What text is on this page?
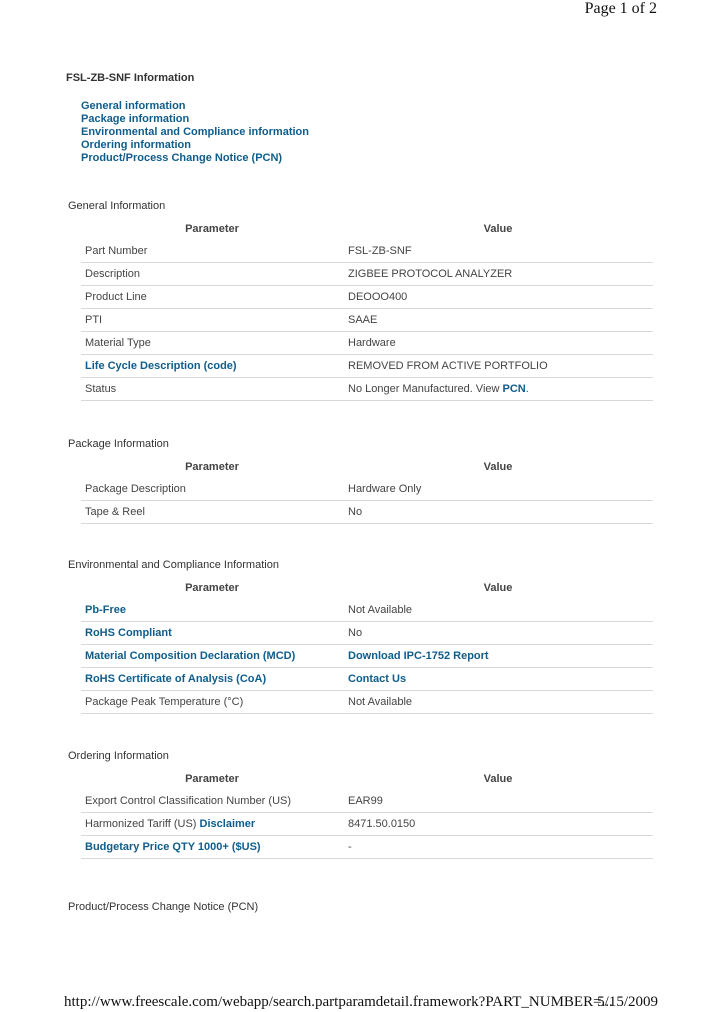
Page 1 of 2
FSL-ZB-SNF Information
General information
Package information
Environmental and Compliance information
Ordering information
Product/Process Change Notice (PCN)
General Information
Parameter	Value
Part Number	FSL-ZB-SNF
Description	ZIGBEE PROTOCOL ANALYZER
Product Line	DEOOO400
PTI	SAAE
Material Type	Hardware
Life Cycle Description (code)	REMOVED FROM ACTIVE PORTFOLIO
Status	No Longer Manufactured. View PCN.
Package Information
Parameter	Value
Package Description	Hardware Only
Tape & Reel	No
Environmental and Compliance Information
Parameter	Value
Pb-Free	Not Available
RoHS Compliant	No
Material Composition Declaration (MCD)	Download IPC-1752 Report
RoHS Certificate of Analysis (CoA)	Contact Us
Package Peak Temperature (°C)	Not Available
Ordering Information
Parameter	Value
Export Control Classification Number (US)	EAR99
Harmonized Tariff (US) Disclaimer	8471.50.0150
Budgetary Price QTY 1000+ ($US)	-
Product/Process Change Notice (PCN)
http://www.freescale.com/webapp/search.partparamdetail.framework?PART_NUMBER=...
5/15/2009
